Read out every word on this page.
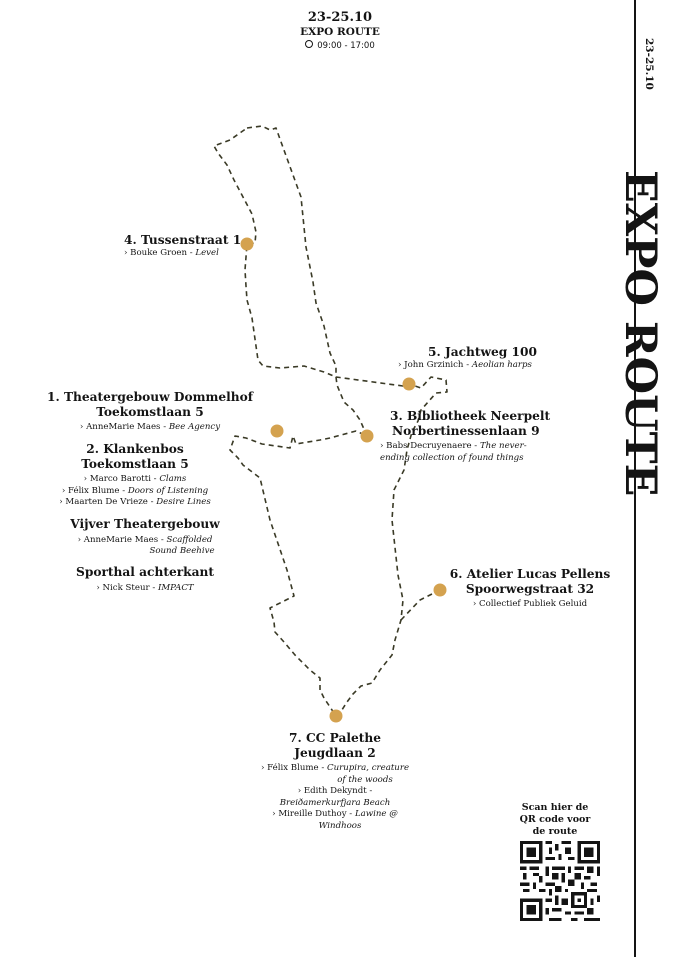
23-25.10
EXPO ROUTE
09:00 - 17:00	23-25.10
EXPO ROUTE
4. Tussenstraat 1
› Bouke Groen - Level
5. Jachtweg 100
› John Grzinich - Aeolian harps
1. Theatergebouw Dommelhof
Toekomstlaan 5
› AnneMarie Maes - Bee Agency
3. Bibliotheek Neerpelt
Norbertinessenlaan 9
› Babs Decruyenaere - The never-
ending collection of found things
2. Klankenbos
Toekomstlaan 5
› Marco Barotti - Clams
› Félix Blume - Doors of Listening
› Maarten De Vrieze - Desire Lines
Vijver Theatergebouw
› AnneMarie Maes - Scaffolded
Sound Beehive
Sporthal achterkant
› Nick Steur - IMPACT
6. Atelier Lucas Pellens
Spoorwegstraat 32
› Collectief Publiek Geluid
7. CC Palethe
Jeugdlaan 2
› Félix Blume - Curupira, creature
of the woods
› Edith Dekyndt -
Breiðamerkurfjara Beach
› Mireille Duthoy - Lawine @
Windhoos
Scan hier de
QR code voor
de route
